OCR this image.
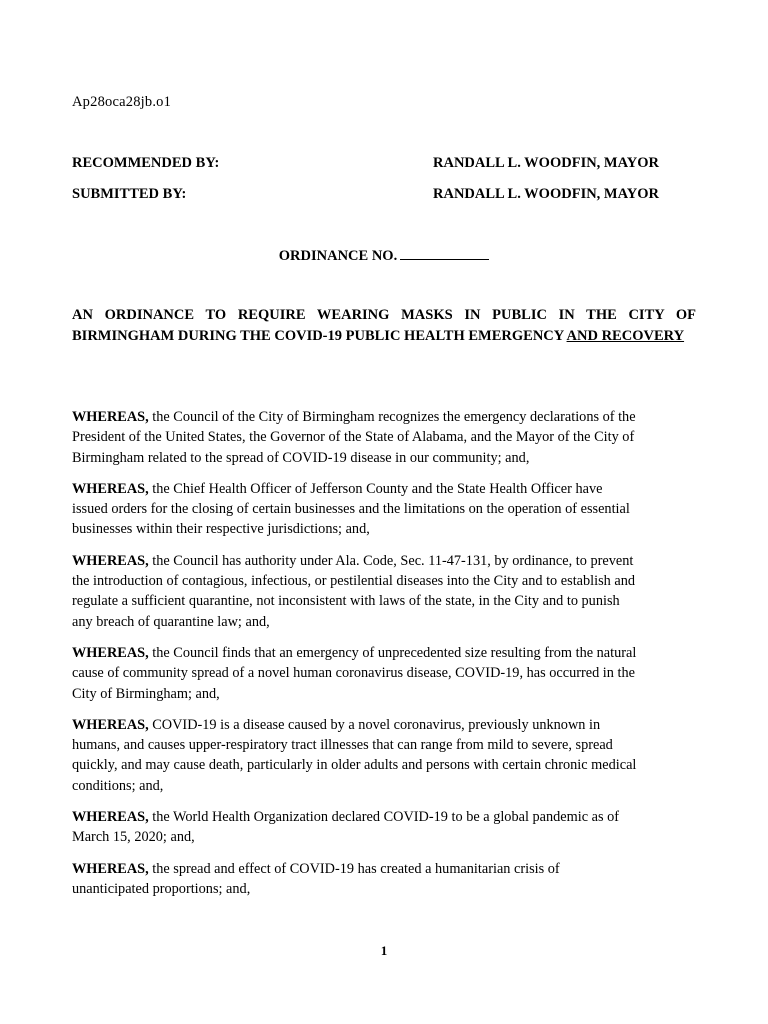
Ap28oca28jb.o1
RECOMMENDED BY:	RANDALL L. WOODFIN, MAYOR
SUBMITTED BY:	RANDALL L. WOODFIN, MAYOR
ORDINANCE NO.
AN ORDINANCE TO REQUIRE WEARING MASKS IN PUBLIC IN THE CITY OF BIRMINGHAM DURING THE COVID-19 PUBLIC HEALTH EMERGENCY AND RECOVERY
WHEREAS, the Council of the City of Birmingham recognizes the emergency declarations of the
President of the United States, the Governor of the State of Alabama, and the Mayor of the City of
Birmingham related to the spread of COVID-19 disease in our community; and,
WHEREAS, the Chief Health Officer of Jefferson County and the State Health Officer have
issued orders for the closing of certain businesses and the limitations on the operation of essential
businesses within their respective jurisdictions; and,
WHEREAS, the Council has authority under Ala. Code, Sec. 11-47-131, by ordinance, to prevent
the introduction of contagious, infectious, or pestilential diseases into the City and to establish and
regulate a sufficient quarantine, not inconsistent with laws of the state, in the City and to punish
any breach of quarantine law; and,
WHEREAS, the Council finds that an emergency of unprecedented size resulting from the natural
cause of community spread of a novel human coronavirus disease, COVID-19, has occurred in the
City of Birmingham; and,
WHEREAS, COVID-19 is a disease caused by a novel coronavirus, previously unknown in
humans, and causes upper-respiratory tract illnesses that can range from mild to severe, spread
quickly, and may cause death, particularly in older adults and persons with certain chronic medical
conditions; and,
WHEREAS, the World Health Organization declared COVID-19 to be a global pandemic as of
March 15, 2020; and,
WHEREAS, the spread and effect of COVID-19 has created a humanitarian crisis of
unanticipated proportions; and,
1
